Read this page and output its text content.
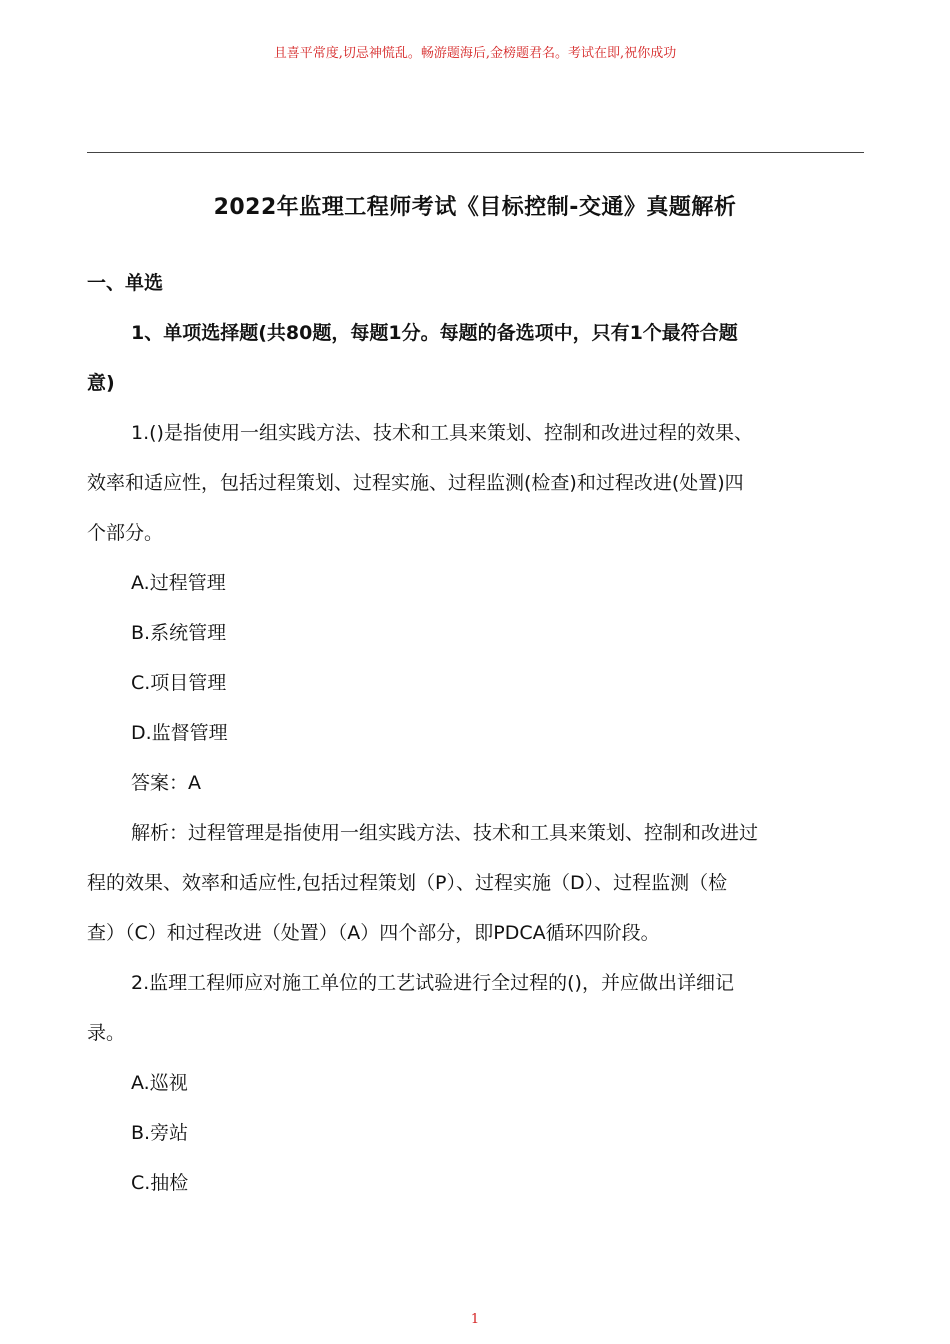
且喜平常度,切忌神慌乱。畅游题海后,金榜题君名。考试在即,祝你成功
2022年监理工程师考试《目标控制-交通》真题解析
一、单选
1、单项选择题(共80题，每题1分。每题的备选项中，只有1个最符合题
意)
1.()是指使用一组实践方法、技术和工具来策划、控制和改进过程的效果、
效率和适应性，包括过程策划、过程实施、过程监测(检查)和过程改进(处置)四
个部分。
A.过程管理
B.系统管理
C.项目管理
D.监督管理
答案：A
解析：过程管理是指使用一组实践方法、技术和工具来策划、控制和改进过
程的效果、效率和适应性,包括过程策划（P）、过程实施（D）、过程监测（检
查）（C）和过程改进（处置）（A）四个部分，即PDCA循环四阶段。
2.监理工程师应对施工单位的工艺试验进行全过程的()，并应做出详细记
录。
A.巡视
B.旁站
C.抽检
1
